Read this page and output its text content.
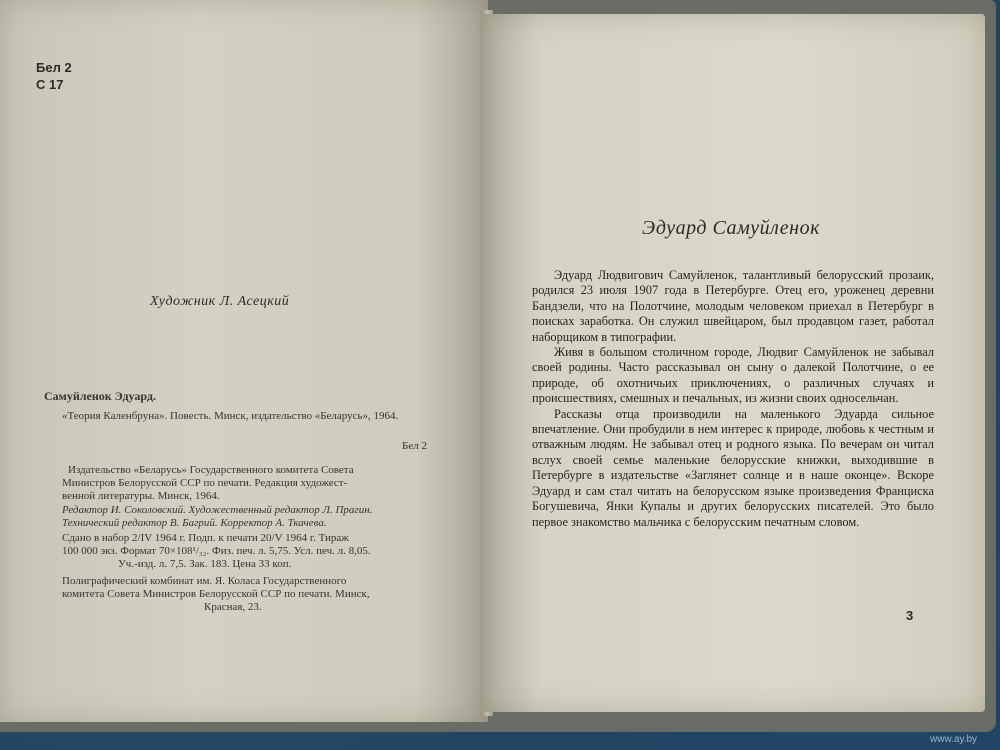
Бел 2
С 17
Художник Л. Асецкий
Самуйленок Эдуард.
«Теория Каленбруна». Повесть. Минск, издательство «Беларусь», 1964.
Бел 2
Издательство «Беларусь» Государственного комитета Совета
Министров Белорусской ССР по печати. Редакция художест-
венной литературы. Минск, 1964.
Редактор И. Соколовский. Художественный редактор Л. Прагин.
Технический редактор В. Багрий. Корректор А. Ткачева.
Сдано в набор 2/IV 1964 г. Подп. к печати 20/V 1964 г. Тираж
100 000 экз. Формат 70×108¹/₃₂. Физ. печ. л. 5,75. Усл. печ. л. 8,05.
Уч.-изд. л. 7,5. Зак. 183. Цена 33 коп.
Полиграфический комбинат им. Я. Коласа Государственного
комитета Совета Министров Белорусской ССР по печати. Минск,
Красная, 23.
Эдуард Самуйленок

Эдуард Людвигович Самуйленок, талантливый белорусский прозаик, родился 23 июля 1907 года в Петербурге. Отец его, уроженец деревни Бандзели, что на Полотчине, молодым человеком приехал в Петербург в поисках заработка. Он служил швейцаром, был продавцом газет, работал наборщиком в типографии.

Живя в большом столичном городе, Людвиг Самуйленок не забывал своей родины. Часто рассказывал он сыну о далекой Полотчине, о ее природе, об охотничьих приключениях, о различных случаях и происшествиях, смешных и печальных, из жизни своих односельчан.

Рассказы отца производили на маленького Эдуарда сильное впечатление. Они пробудили в нем интерес к природе, любовь к честным и отважным людям. Не забывал отец и родного языка. По вечерам он читал вслух своей семье маленькие белорусские книжки, выходившие в Петербурге в издательстве «Заглянет солнце и в наше оконце». Вскоре Эдуард и сам стал читать на белорусском языке произведения Франциска Богушевича, Янки Купалы и других белорусских писателей. Это было первое знакомство мальчика с белорусским печатным словом.

3
www.ay.by
